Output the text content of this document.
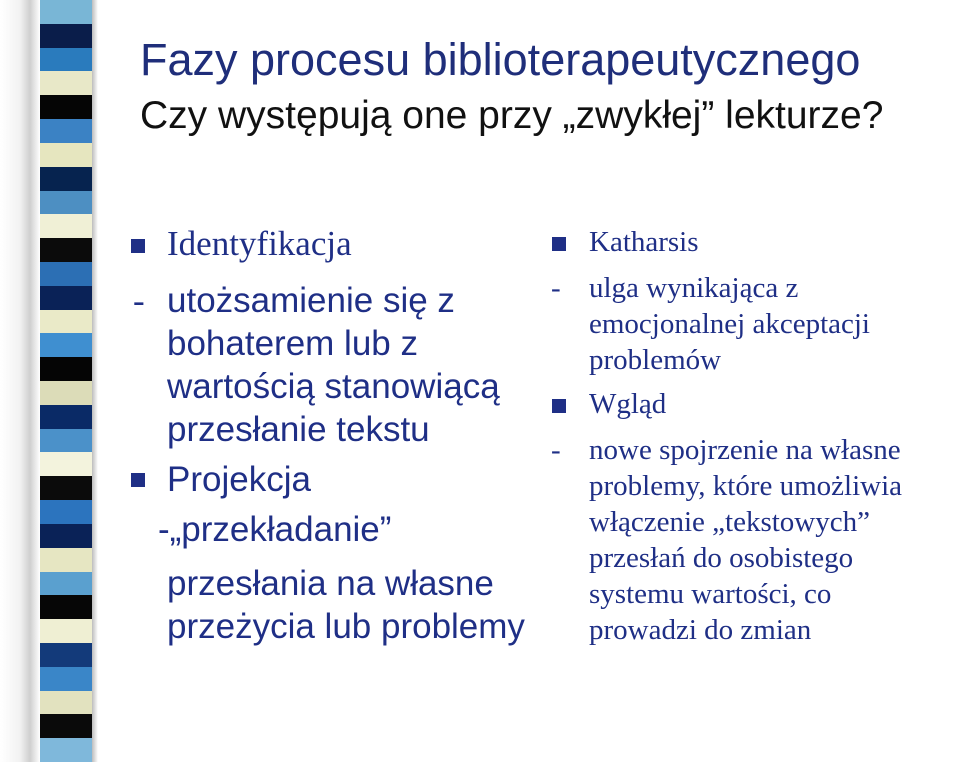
Fazy procesu biblioterapeutycznego
Czy występują one przy „zwykłej” lekturze?
Identyfikacja
- utożsamienie się z
bohaterem lub z
wartością stanowiącą
przesłanie tekstu
Projekcja
-„przekładanie”
przesłania na własne
przeżycia lub problemy
Katharsis
- ulga wynikająca z
emocjonalnej akceptacji
problemów
Wgląd
- nowe spojrzenie na własne
problemy, które umożliwia
włączenie „tekstowych”
przesłań do osobistego
systemu wartości, co
prowadzi do zmian
